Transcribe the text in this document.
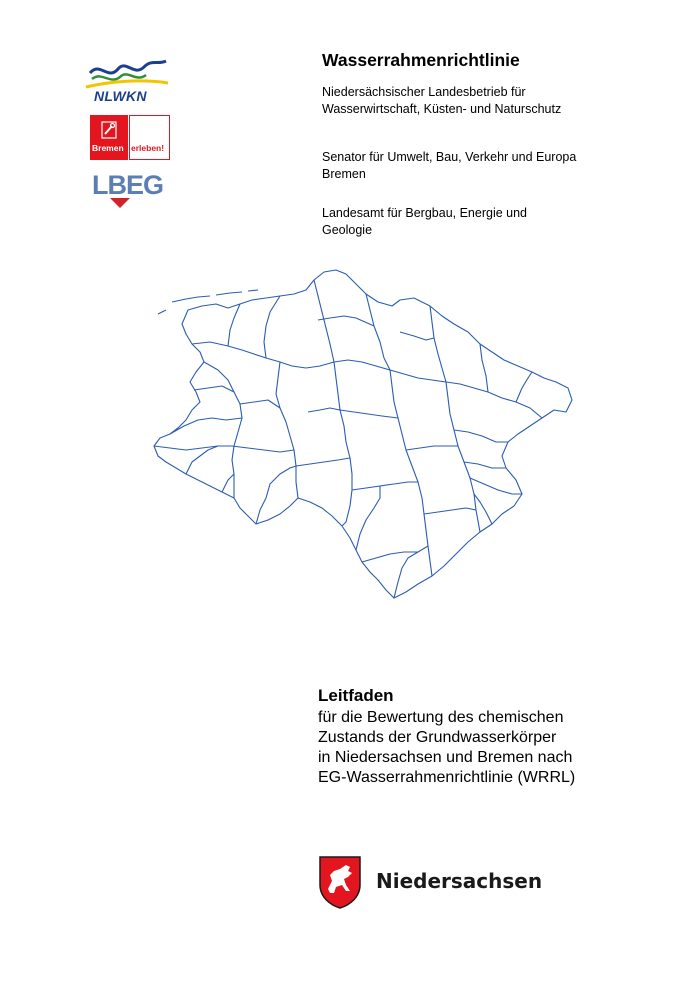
NLWKN
Bremen erleben!
LBEG
Wasserrahmenrichtlinie
Niedersächsischer Landesbetrieb für
Wasserwirtschaft, Küsten- und Naturschutz
Senator für Umwelt, Bau, Verkehr und Europa
Bremen
Landesamt für Bergbau, Energie und
Geologie
Leitfaden
für die Bewertung des chemischen
Zustands der Grundwasserkörper
in Niedersachsen und Bremen nach
EG-Wasserrahmenrichtlinie (WRRL)
Niedersachsen
